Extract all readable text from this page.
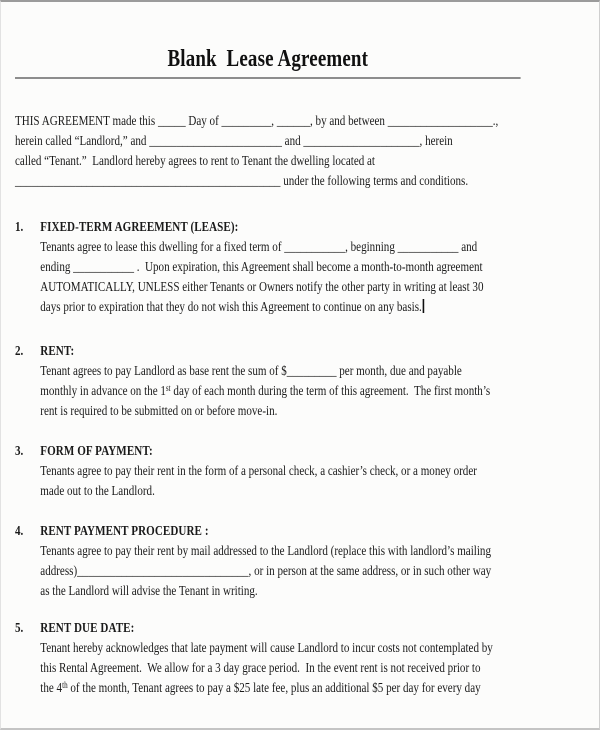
Blank  Lease Agreement

THIS AGREEMENT made this _____ Day of _________, ______, by and between ___________________.,
herein called “Landlord,” and ________________________ and _____________________, herein
called “Tenant.”  Landlord hereby agrees to rent to Tenant the dwelling located at
________________________________________________ under the following terms and conditions.

1.	FIXED-TERM AGREEMENT (LEASE):
Tenants agree to lease this dwelling for a fixed term of ___________, beginning ___________ and
ending ___________ .  Upon expiration, this Agreement shall become a month-to-month agreement
AUTOMATICALLY, UNLESS either Tenants or Owners notify the other party in writing at least 30
days prior to expiration that they do not wish this Agreement to continue on any basis.
2.	RENT:
Tenant agrees to pay Landlord as base rent the sum of $_________ per month, due and payable
monthly in advance on the 1st day of each month during the term of this agreement.  The first month’s
rent is required to be submitted on or before move-in.
3.	FORM OF PAYMENT:
Tenants agree to pay their rent in the form of a personal check, a cashier’s check, or a money order
made out to the Landlord.
4.	RENT PAYMENT PROCEDURE :
Tenants agree to pay their rent by mail addressed to the Landlord (replace this with landlord’s mailing
address)_______________________________, or in person at the same address, or in such other way
as the Landlord will advise the Tenant in writing.
5.	RENT DUE DATE:
Tenant hereby acknowledges that late payment will cause Landlord to incur costs not contemplated by
this Rental Agreement.  We allow for a 3 day grace period.  In the event rent is not received prior to
the 4th of the month, Tenant agrees to pay a $25 late fee, plus an additional $5 per day for every day
